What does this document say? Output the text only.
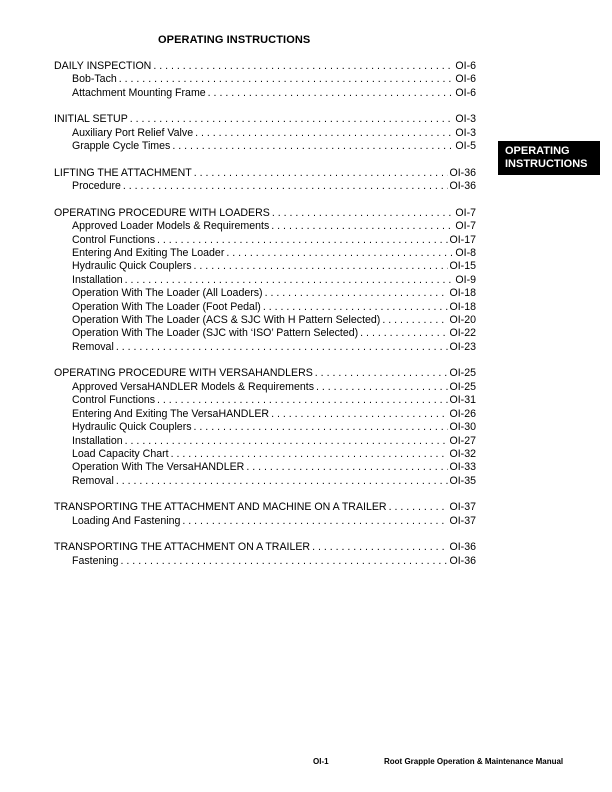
OPERATING INSTRUCTIONS
DAILY INSPECTION . . .	OI-6
Bob-Tach . . .	OI-6
Attachment Mounting Frame . . .	OI-6
INITIAL SETUP . . .	OI-3
Auxiliary Port Relief Valve . . .	OI-3
Grapple Cycle Times . . .	OI-5
LIFTING THE ATTACHMENT . . .	OI-36
Procedure . . .	OI-36
OPERATING PROCEDURE WITH LOADERS . . .	OI-7
Approved Loader Models & Requirements . . .	OI-7
Control Functions . . .	OI-17
Entering And Exiting The Loader . . .	OI-8
Hydraulic Quick Couplers . . .	OI-15
Installation . . .	OI-9
Operation With The Loader (All Loaders) . . .	OI-18
Operation With The Loader (Foot Pedal) . . .	OI-18
Operation With The Loader (ACS & SJC With H Pattern Selected) . . .	OI-20
Operation With The Loader (SJC with ‘ISO’ Pattern Selected) . . .	OI-22
Removal . . .	OI-23
OPERATING PROCEDURE WITH VERSAHANDLERS . . .	OI-25
Approved VersaHANDLER Models & Requirements . . .	OI-25
Control Functions . . .	OI-31
Entering And Exiting The VersaHANDLER . . .	OI-26
Hydraulic Quick Couplers . . .	OI-30
Installation . . .	OI-27
Load Capacity Chart . . .	OI-32
Operation With The VersaHANDLER . . .	OI-33
Removal . . .	OI-35
TRANSPORTING THE ATTACHMENT AND MACHINE ON A TRAILER . . .	OI-37
Loading And Fastening . . .	OI-37
TRANSPORTING THE ATTACHMENT ON A TRAILER . . .	OI-36
Fastening . . .	OI-36
OPERATING
INSTRUCTIONS
OI-1	Root Grapple Operation & Maintenance Manual
